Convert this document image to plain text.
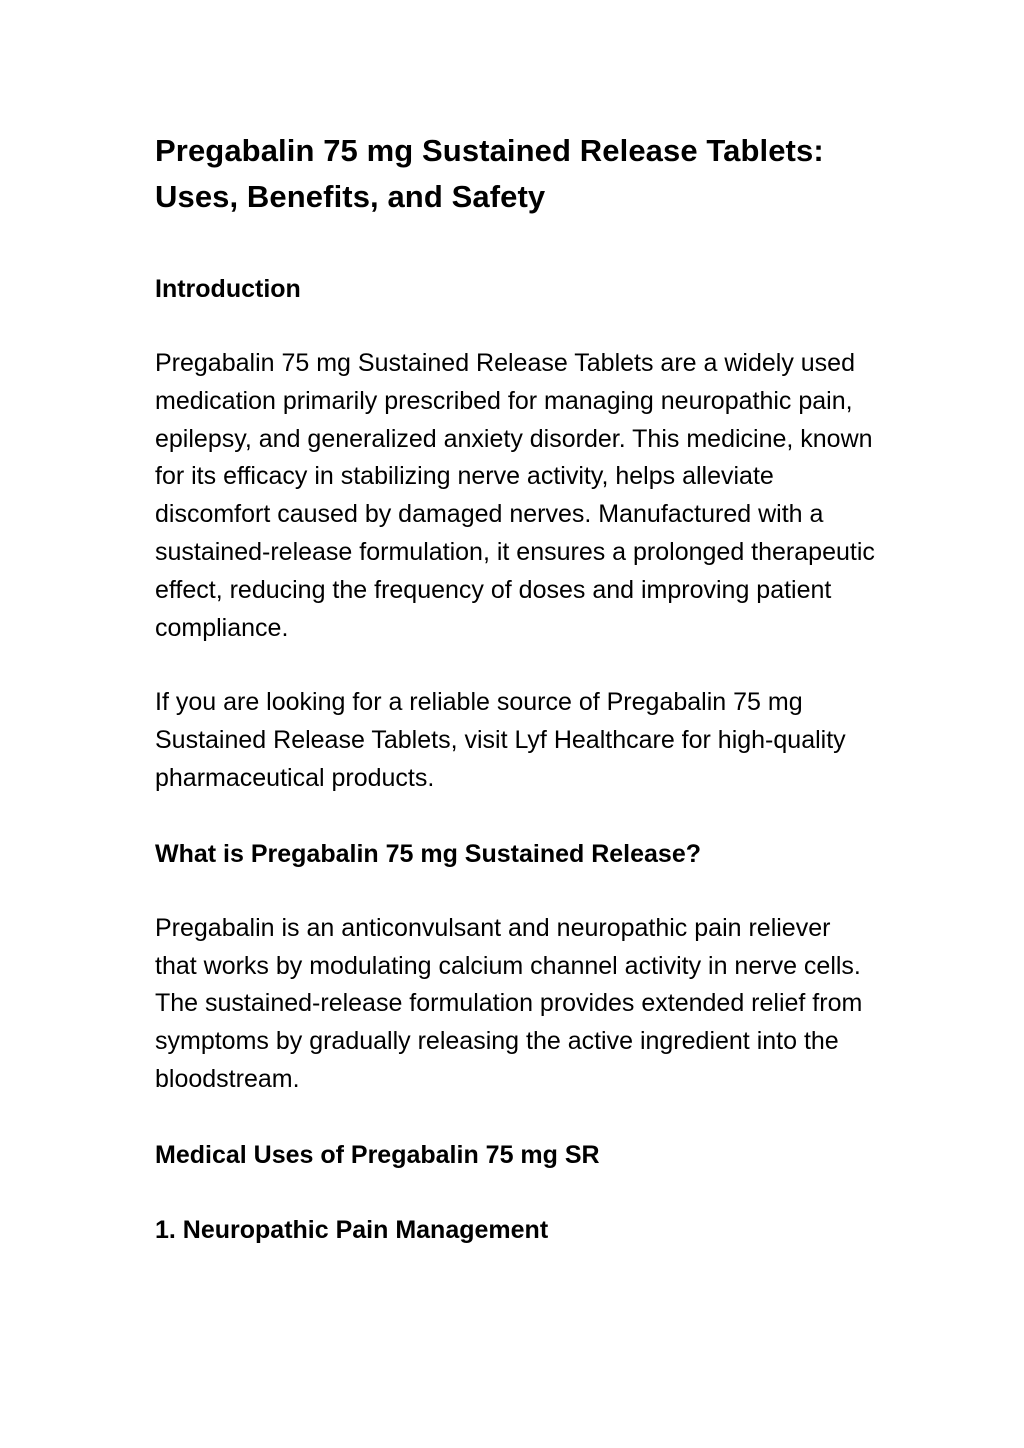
Pregabalin 75 mg Sustained Release Tablets:
Uses, Benefits, and Safety
Introduction

Pregabalin 75 mg Sustained Release Tablets are a widely used medication primarily prescribed for managing neuropathic pain, epilepsy, and generalized anxiety disorder. This medicine, known for its efficacy in stabilizing nerve activity, helps alleviate discomfort caused by damaged nerves. Manufactured with a sustained-release formulation, it ensures a prolonged therapeutic effect, reducing the frequency of doses and improving patient compliance.

If you are looking for a reliable source of Pregabalin 75 mg Sustained Release Tablets, visit Lyf Healthcare for high-quality pharmaceutical products.

What is Pregabalin 75 mg Sustained Release?

Pregabalin is an anticonvulsant and neuropathic pain reliever that works by modulating calcium channel activity in nerve cells. The sustained-release formulation provides extended relief from symptoms by gradually releasing the active ingredient into the bloodstream.

Medical Uses of Pregabalin 75 mg SR
1. Neuropathic Pain Management
